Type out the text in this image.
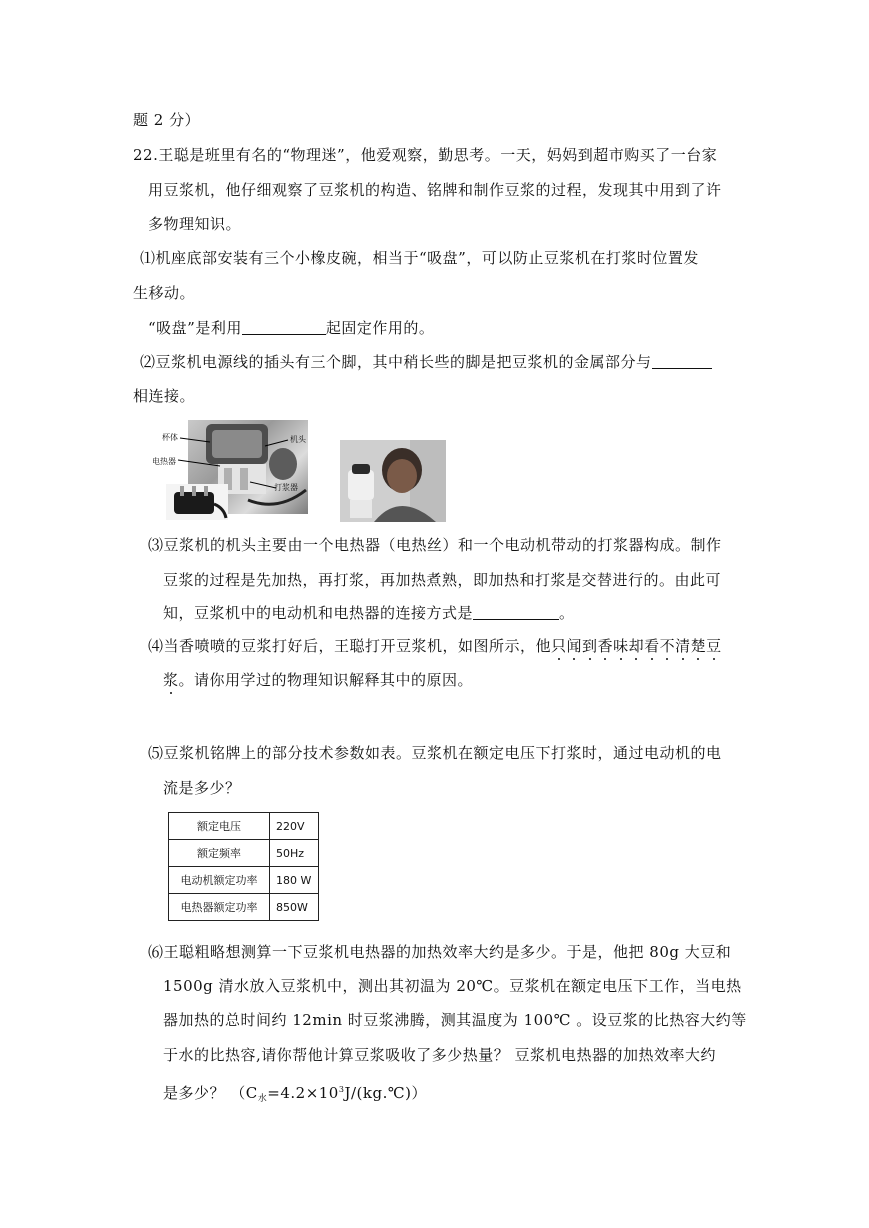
题 2 分）
22.王聪是班里有名的“物理迷”，他爱观察，勤思考。一天，妈妈到超市购买了一台家
用豆浆机，他仔细观察了豆浆机的构造、铭牌和制作豆浆的过程，发现其中用到了许
多物理知识。
⑴机座底部安装有三个小橡皮碗，相当于“吸盘”，可以防止豆浆机在打浆时位置发
生移动。
“吸盘”是利用	起固定作用的。
⑵豆浆机电源线的插头有三个脚，其中稍长些的脚是把豆浆机的金属部分与
相连接。
杯体	机头
电热器
打浆器
⑶豆浆机的机头主要由一个电热器（电热丝）和一个电动机带动的打浆器构成。制作
豆浆的过程是先加热，再打浆，再加热煮熟，即加热和打浆是交替进行的。由此可
知，豆浆机中的电动机和电热器的连接方式是	。
⑷当香喷喷的豆浆打好后，王聪打开豆浆机，如图所示，他只闻到香味却看不清楚豆
浆。请你用学过的物理知识解释其中的原因。
⑸豆浆机铭牌上的部分技术参数如表。豆浆机在额定电压下打浆时，通过电动机的电
流是多少？
额定电压	220V
额定频率	50Hz
电动机额定功率	180 W
电热器额定功率	850W
⑹王聪粗略想测算一下豆浆机电热器的加热效率大约是多少。于是，他把 80g 大豆和
1500g 清水放入豆浆机中，测出其初温为 20℃。豆浆机在额定电压下工作，当电热
器加热的总时间约 12min 时豆浆沸腾，测其温度为 100℃ 。设豆浆的比热容大约等
于水的比热容,请你帮他计算豆浆吸收了多少热量？ 豆浆机电热器的加热效率大约
是多少？ $(C_水=4.2\times 10^3J/(kg.℃))$
